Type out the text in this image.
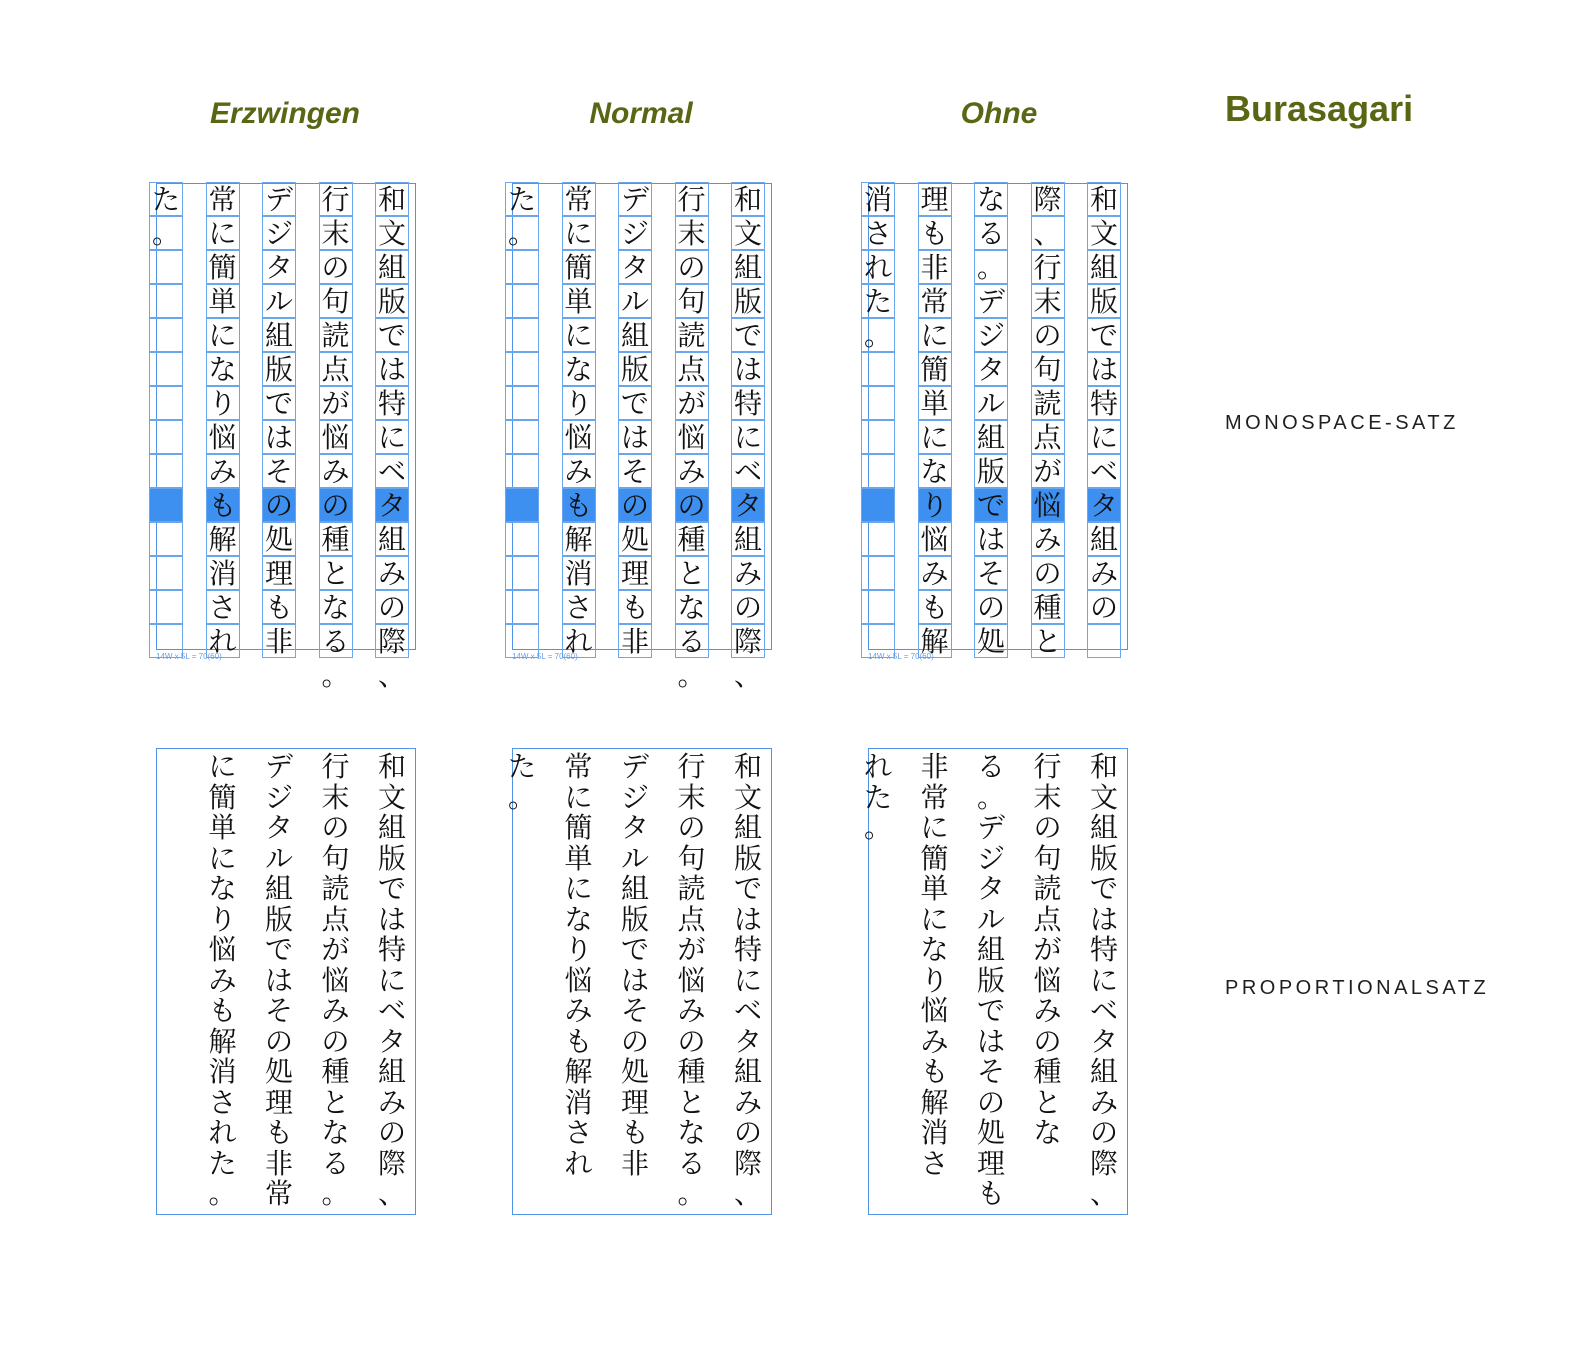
Erzwingen	Normal	Ohne	Burasagari
MONOSPACE-SATZ
PROPORTIONALSATZ
和
文
組
版
で
は
特
に
ベ
タ
組
み
の
際
、
行
末
の
句
読
点
が
悩
み
の
種
と
な
る
。
デ
ジ
タ
ル
組
版
で
は
そ
の
処
理
も
非
常
に
簡
単
に
な
り
悩
み
も
解
消
さ
れ
た
。
14W x 5L = 70(60)
和
文
組
版
で
は
特
に
ベ
タ
組
み
の
際
、
行
末
の
句
読
点
が
悩
み
の
種
と
な
る
。
デ
ジ
タ
ル
組
版
で
は
そ
の
処
理
も
非
常
に
簡
単
に
な
り
悩
み
も
解
消
さ
れ
た
。
和
文
組
版
で
は
特
に
ベ
タ
組
み
の
際
、
行
末
の
句
読
点
が
悩
み
の
種
と
な
る
。
デ
ジ
タ
ル
組
版
で
は
そ
の
処
理
も
非
常
に
簡
単
に
な
り
悩
み
も
解
消
さ
れ
た
。
14W x 5L = 70(60)
和
文
組
版
で
は
特
に
ベ
タ
組
み
の
際
、
行
末
の
句
読
点
が
悩
み
の
種
と
な
る
。
デ
ジ
タ
ル
組
版
で
は
そ
の
処
理
も
非
常
に
簡
単
に
な
り
悩
み
も
解
消
さ
れ
た
。
和
文
組
版
で
は
特
に
ベ
タ
組
み
の
際
、
行
末
の
句
読
点
が
悩
み
の
種
と
な
る
。
デ
ジ
タ
ル
組
版
で
は
そ
の
処
理
も
非
常
に
簡
単
に
な
り
悩
み
も
解
消
さ
れ
た
。
14W x 5L = 70(60)
和
文
組
版
で
は
特
に
ベ
タ
組
み
の
際
、
行
末
の
句
読
点
が
悩
み
の
種
と
な
る
。
デ
ジ
タ
ル
組
版
で
は
そ
の
処
理
も
非
常
に
簡
単
に
な
り
悩
み
も
解
消
さ
れ
た
。
